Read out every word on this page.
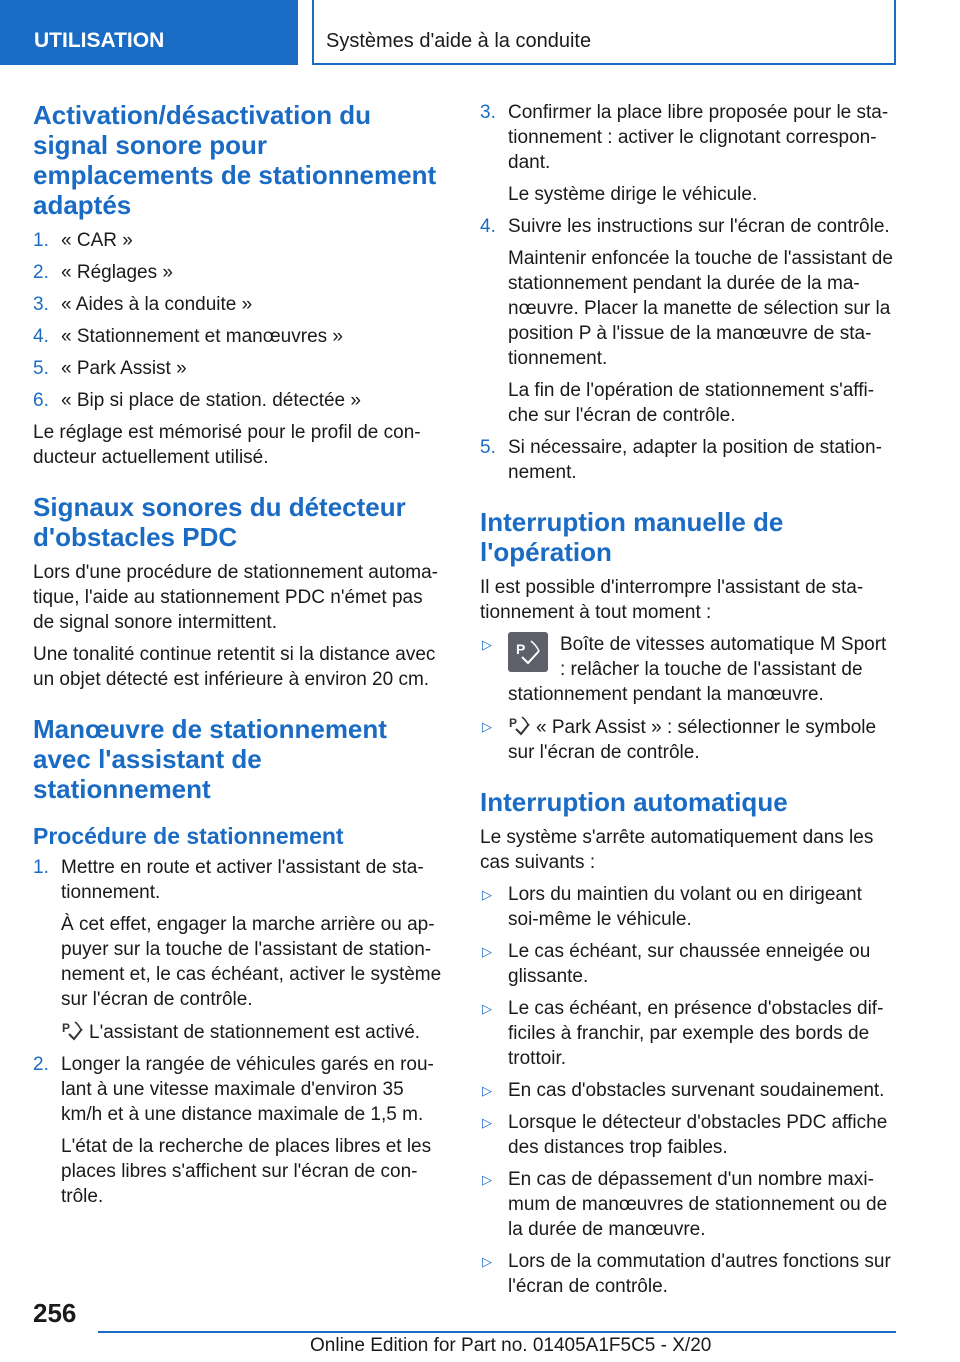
UTILISATION	Systèmes d'aide à la conduite
Activation/désactivation du signal sonore pour emplacements de stationnement adaptés
1. « CAR »
2. « Réglages »
3. « Aides à la conduite »
4. « Stationnement et manœuvres »
5. « Park Assist »
6. « Bip si place de station. détectée »

Le réglage est mémorisé pour le profil de conducteur actuellement utilisé.

Signaux sonores du détecteur d'obstacles PDC

Lors d'une procédure de stationnement automatique, l'aide au stationnement PDC n'émet pas de signal sonore intermittent.

Une tonalité continue retentit si la distance avec un objet détecté est inférieure à environ 20 cm.

Manœuvre de stationnement avec l'assistant de stationnement
Procédure de stationnement
1. Mettre en route et activer l'assistant de stationnement.

À cet effet, engager la marche arrière ou appuyer sur la touche de l'assistant de stationnement et, le cas échéant, activer le système sur l'écran de contrôle.

P L'assistant de stationnement est activé.

2. Longer la rangée de véhicules garés en roulant à une vitesse maximale d'environ 35 km/h et à une distance maximale de 1,5 m.

L'état de la recherche de places libres et les places libres s'affichent sur l'écran de contrôle.

3. Confirmer la place libre proposée pour le stationnement : activer le clignotant correspondant.

Le système dirige le véhicule.

4. Suivre les instructions sur l'écran de contrôle.

Maintenir enfoncée la touche de l'assistant de stationnement pendant la durée de la manœuvre. Placer la manette de sélection sur la position P à l'issue de la manœuvre de stationnement.

La fin de l'opération de stationnement s'affiche sur l'écran de contrôle.

5. Si nécessaire, adapter la position de stationnement.
Interruption manuelle de l'opération

Il est possible d'interrompre l'assistant de stationnement à tout moment :

▷ P Boîte de vitesses automatique M Sport : relâcher la touche de l'assistant de stationnement pendant la manœuvre.
▷ P « Park Assist » : sélectionner le symbole sur l'écran de contrôle.
Interruption automatique

Le système s'arrête automatiquement dans les cas suivants :

▷ Lors du maintien du volant ou en dirigeant soi-même le véhicule.
▷ Le cas échéant, sur chaussée enneigée ou glissante.
▷ Le cas échéant, en présence d'obstacles difficiles à franchir, par exemple des bords de trottoir.
▷ En cas d'obstacles survenant soudainement.
▷ Lorsque le détecteur d'obstacles PDC affiche des distances trop faibles.
▷ En cas de dépassement d'un nombre maximum de manœuvres de stationnement ou de la durée de manœuvre.
▷ Lors de la commutation d'autres fonctions sur l'écran de contrôle.
256
Online Edition for Part no. 01405A1F5C5 - X/20
